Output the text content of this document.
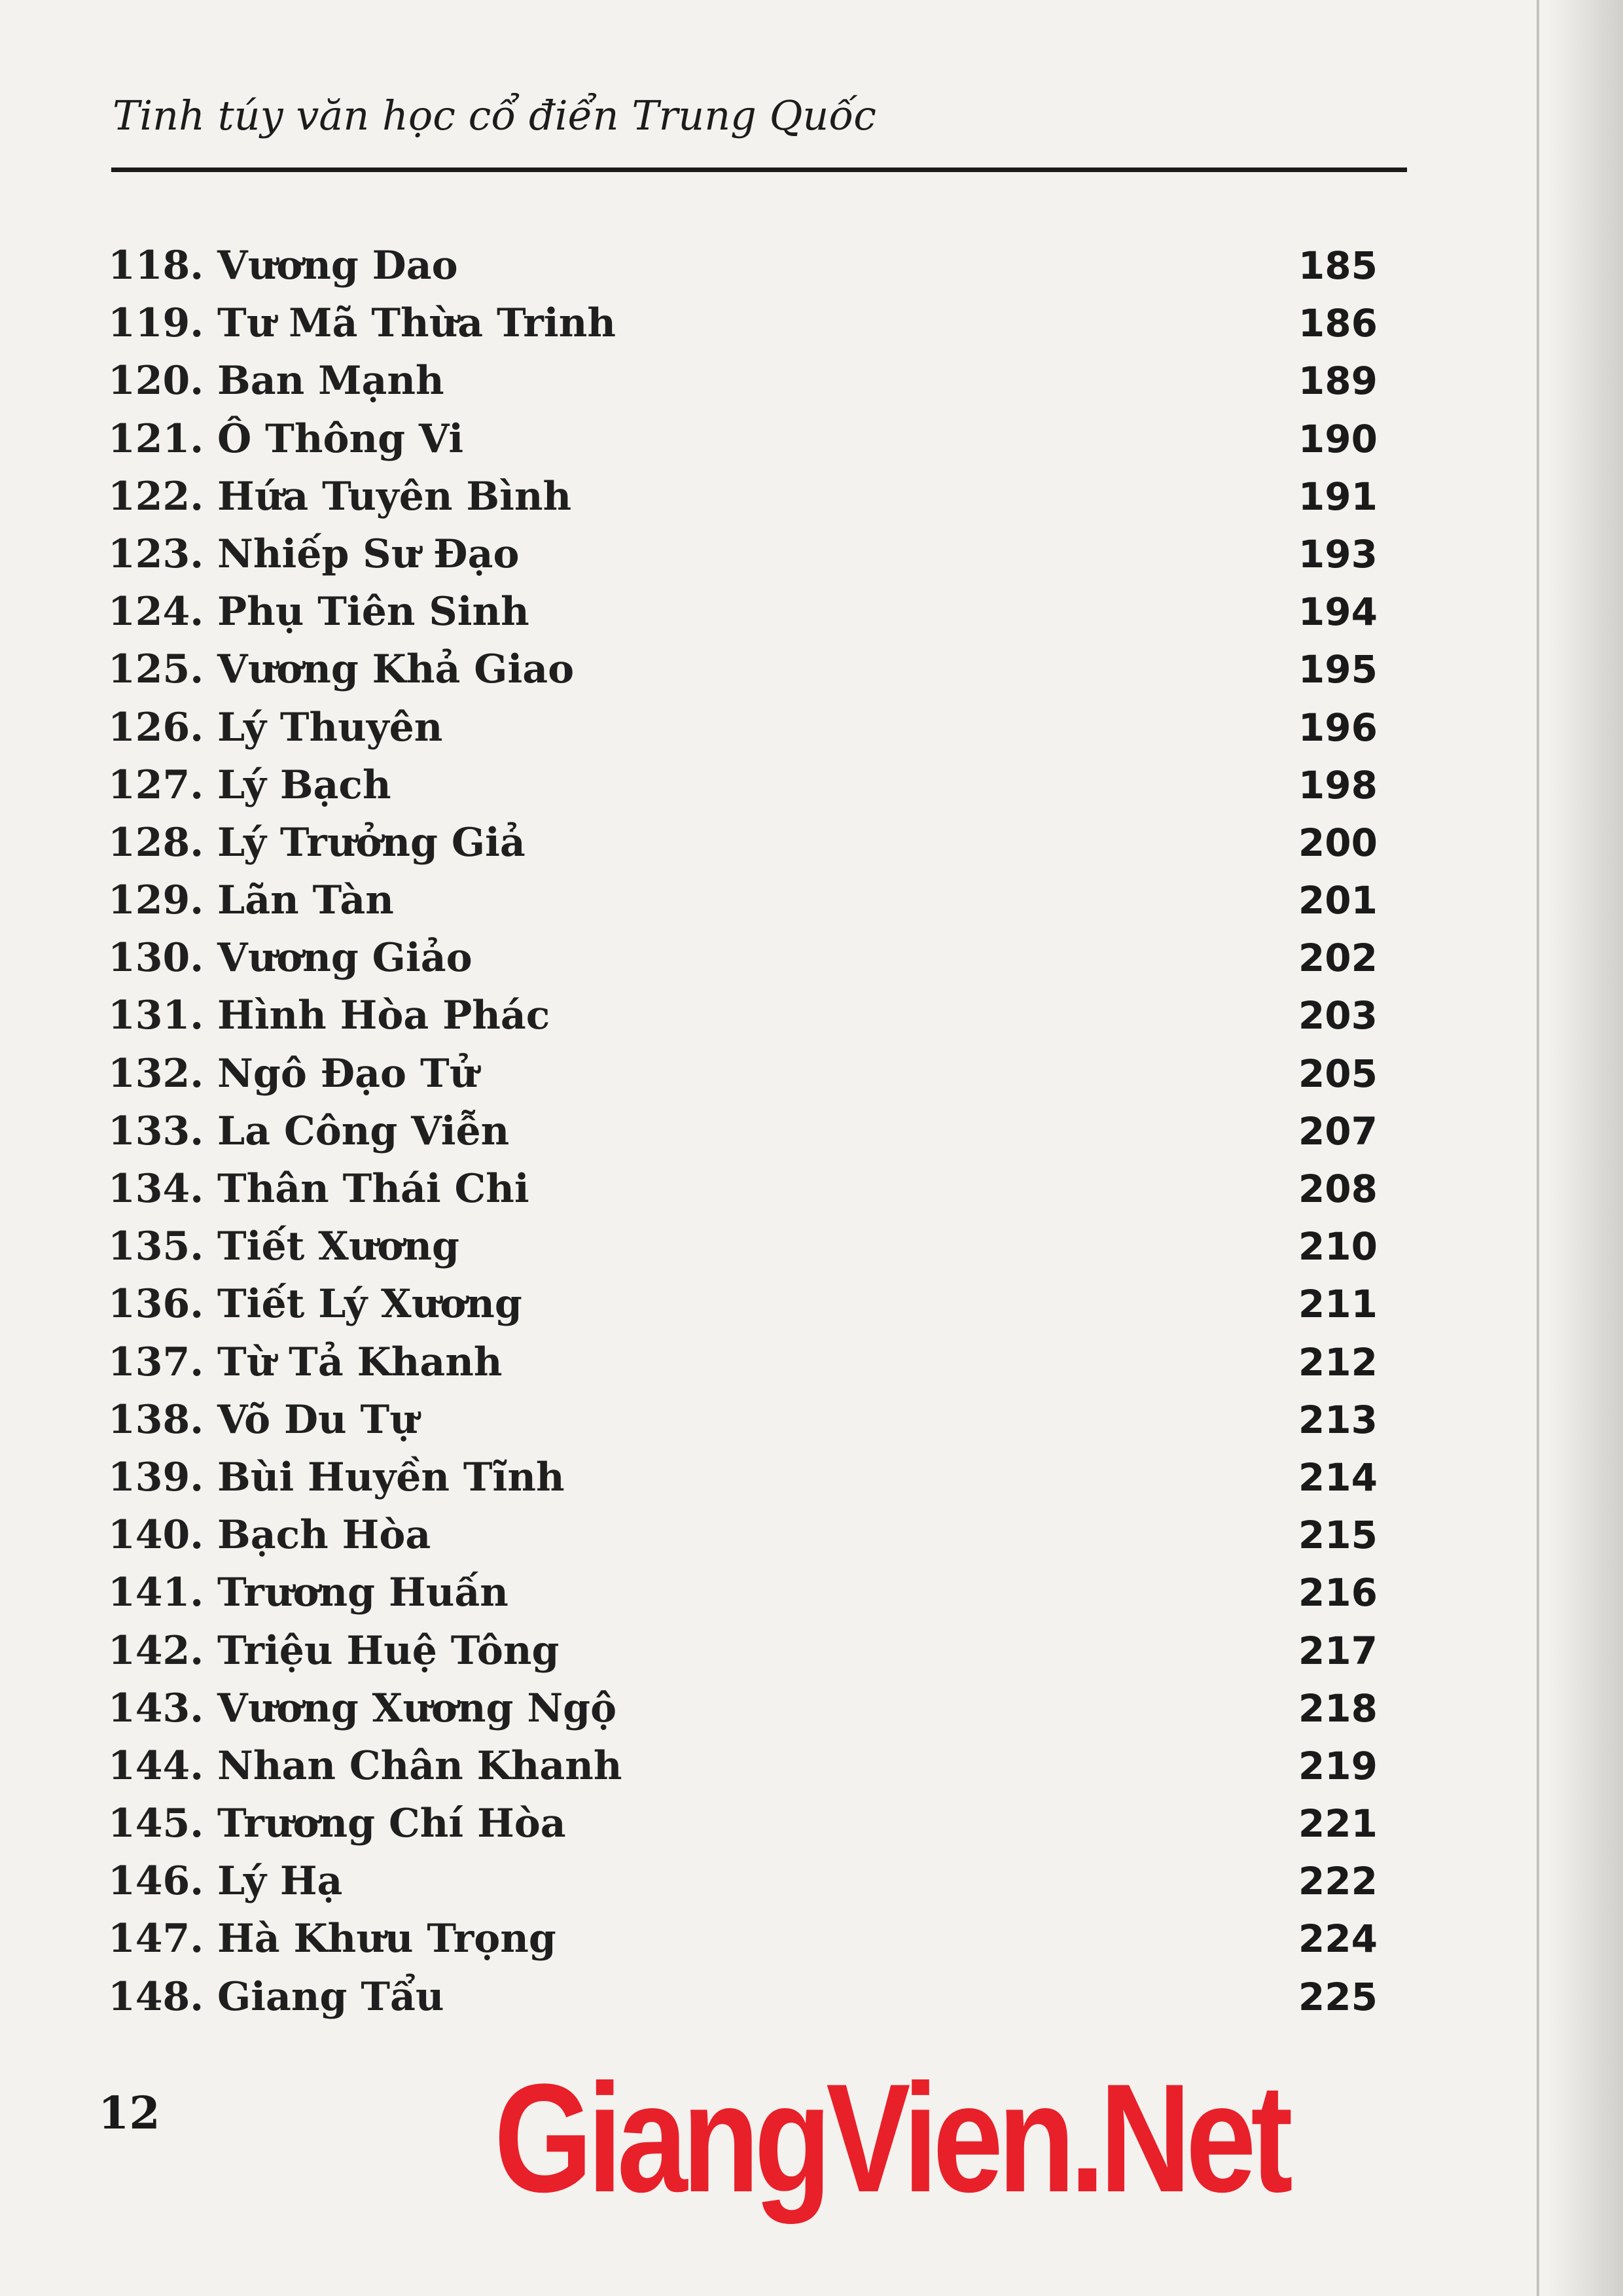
Tinh túy văn học cổ điển Trung Quốc
118. Vương Dao	185
119. Tư Mã Thừa Trinh	186
120. Ban Mạnh	189
121. Ô Thông Vi	190
122. Hứa Tuyên Bình	191
123. Nhiếp Sư Đạo	193
124. Phụ Tiên Sinh	194
125. Vương Khả Giao	195
126. Lý Thuyên	196
127. Lý Bạch	198
128. Lý Trưởng Giả	200
129. Lãn Tàn	201
130. Vương Giảo	202
131. Hình Hòa Phác	203
132. Ngô Đạo Tử	205
133. La Công Viễn	207
134. Thân Thái Chi	208
135. Tiết Xương	210
136. Tiết Lý Xương	211
137. Từ Tả Khanh	212
138. Võ Du Tự	213
139. Bùi Huyền Tĩnh	214
140. Bạch Hòa	215
141. Trương Huấn	216
142. Triệu Huệ Tông	217
143. Vương Xương Ngộ	218
144. Nhan Chân Khanh	219
145. Trương Chí Hòa	221
146. Lý Hạ	222
147. Hà Khưu Trọng	224
148. Giang Tẩu	225
12 GiangVien.Net
